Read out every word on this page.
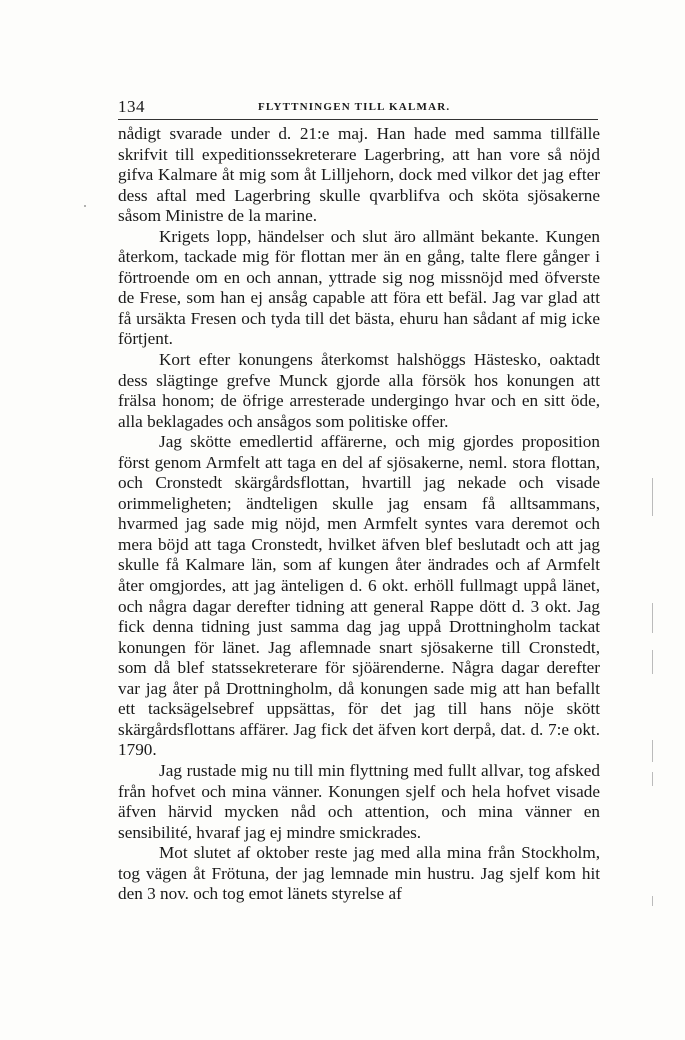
134	FLYTTNINGEN TILL KALMAR.

nådigt svarade under d. 21:e maj. Han hade med samma tillfälle skrifvit till expeditionssekreterare Lagerbring, att han vore så nöjd gifva Kalmare åt mig som åt Lilljehorn, dock med vilkor det jag efter dess aftal med Lagerbring skulle qvarblifva och sköta sjösakerne såsom Ministre de la marine.

Krigets lopp, händelser och slut äro allmänt bekante. Kungen återkom, tackade mig för flottan mer än en gång, talte flere gånger i förtroende om en och annan, yttrade sig nog missnöjd med öfverste de Frese, som han ej ansåg capable att föra ett befäl. Jag var glad att få ursäkta Fresen och tyda till det bästa, ehuru han sådant af mig icke förtjent.

Kort efter konungens återkomst halshöggs Hästesko, oaktadt dess slägtinge grefve Munck gjorde alla försök hos konungen att frälsa honom; de öfrige arresterade undergingo hvar och en sitt öde, alla beklagades och ansågos som politiske offer.

Jag skötte emedlertid affärerne, och mig gjordes proposition först genom Armfelt att taga en del af sjösakerne, neml. stora flottan, och Cronstedt skärgårdsflottan, hvartill jag nekade och visade orimmeligheten; ändteligen skulle jag ensam få alltsammans, hvarmed jag sade mig nöjd, men Armfelt syntes vara deremot och mera böjd att taga Cronstedt, hvilket äfven blef beslutadt och att jag skulle få Kalmare län, som af kungen åter ändrades och af Armfelt åter omgjordes, att jag änteligen d. 6 okt. erhöll fullmagt uppå länet, och några dagar derefter tidning att general Rappe dött d. 3 okt. Jag fick denna tidning just samma dag jag uppå Drottningholm tackat konungen för länet. Jag aflemnade snart sjösakerne till Cronstedt, som då blef statssekreterare för sjöärenderne. Några dagar derefter var jag åter på Drottningholm, då konungen sade mig att han befallt ett tacksägelsebref uppsättas, för det jag till hans nöje skött skärgårdsflottans affärer. Jag fick det äfven kort derpå, dat. d. 7:e okt. 1790.

Jag rustade mig nu till min flyttning med fullt allvar, tog afsked från hofvet och mina vänner. Konungen sjelf och hela hofvet visade äfven härvid mycken nåd och attention, och mina vänner en sensibilité, hvaraf jag ej mindre smickrades.

Mot slutet af oktober reste jag med alla mina från Stockholm, tog vägen åt Frötuna, der jag lemnade min hustru. Jag sjelf kom hit den 3 nov. och tog emot länets styrelse af
